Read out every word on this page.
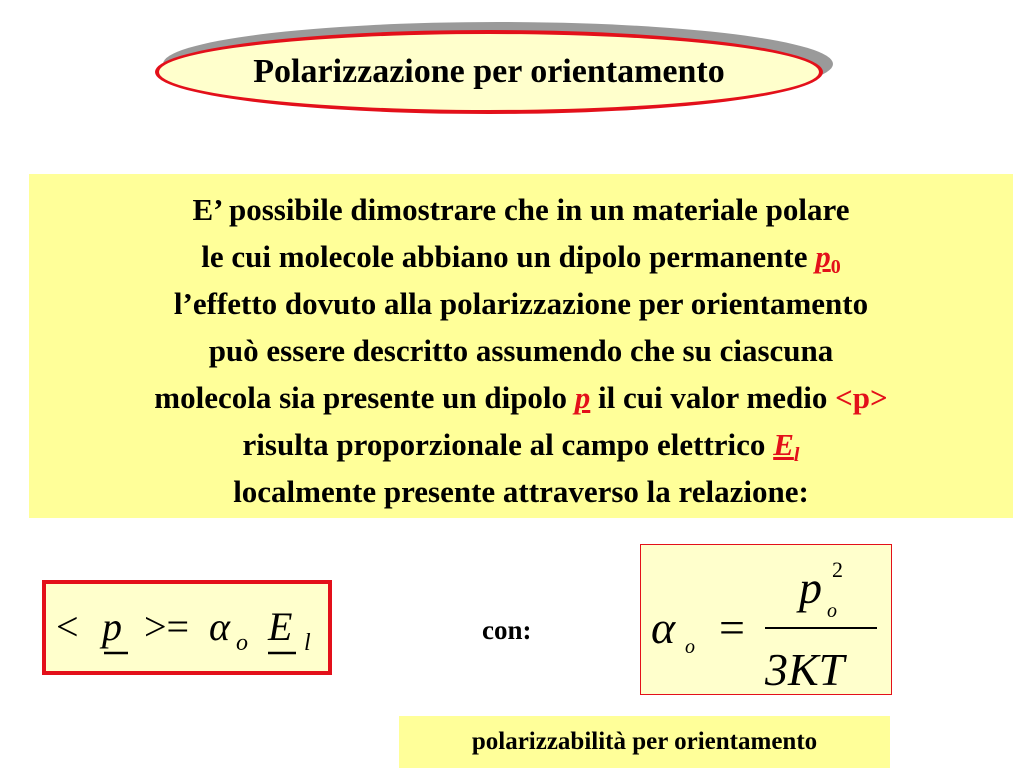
Polarizzazione per orientamento
E’ possibile dimostrare che in un materiale polare
le cui molecole abbiano un dipolo permanente $p_0$
l’effetto dovuto alla polarizzazione per orientamento
può essere descritto assumendo che su ciascuna
molecola sia presente un dipolo p il cui valor medio <p>
risulta proporzionale al campo elettrico $E_l$
localmente presente attraverso la relazione:
< p >= α o E l	con:	α o =
p o
2
3KT
polarizzabilità per orientamento
